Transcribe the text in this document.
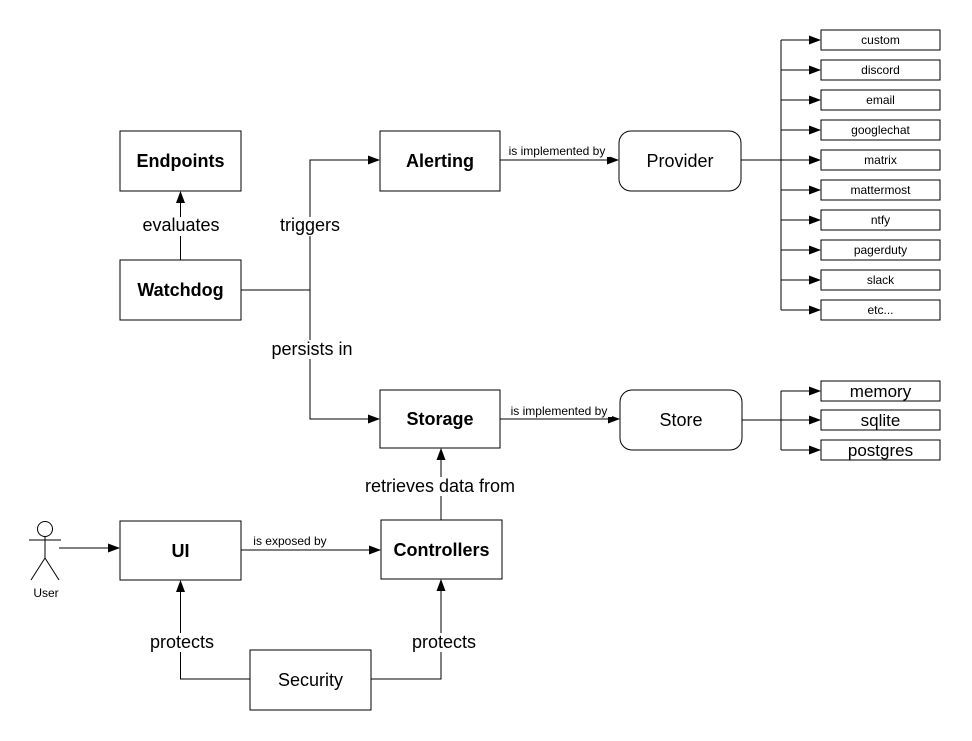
evaluates	triggers
persists in
is implemented by
is implemented by
retrieves data from
is exposed by
protects	protects
Endpoints
Watchdog
Alerting	Provider
Storage	Store
UI	Controllers
Security
custom
discord
email
googlechat
matrix
mattermost
ntfy
pagerduty
slack
etc...
memory
sqlite
postgres
User
